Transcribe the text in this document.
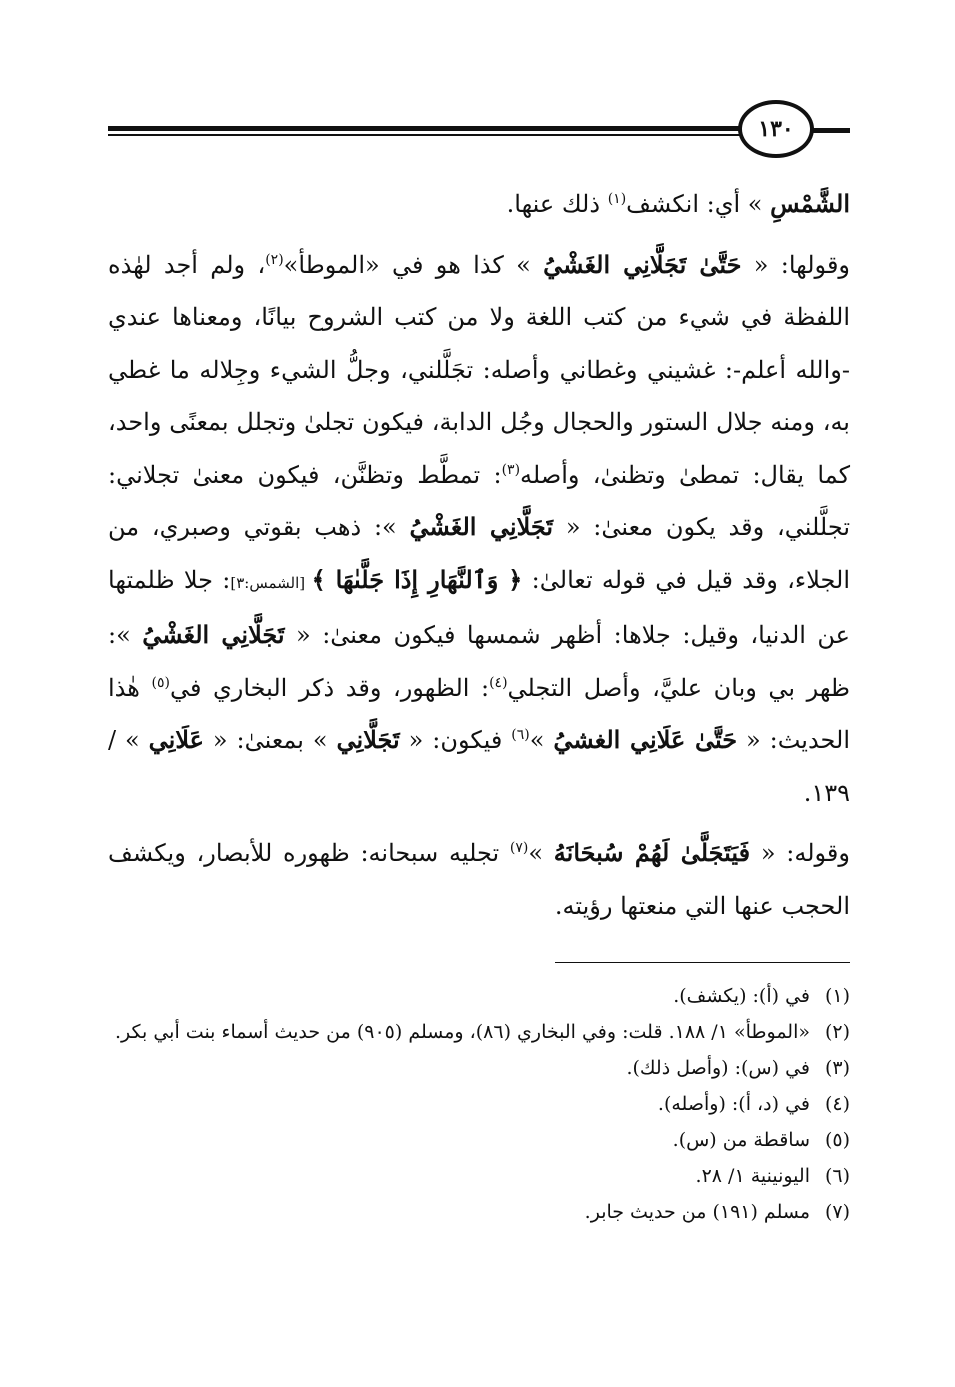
١٣٠

الشَّمْسِ » أي: انكشف$^{(١)}$ ذلك عنها.

وقولها: « حَتَّىٰ تَجَلَّانِي الغَشْيُ » كذا هو في «الموطأ»$^{(٢)}$، ولم أجد لهٰذه اللفظة في شيء من كتب اللغة ولا من كتب الشروح بيانًا، ومعناها عندي -والله أعلم-: غشيني وغطاني وأصله: تجَلَّلني، وجلُّ الشيء وجِلاله ما غطي به، ومنه جلال الستور والحجال وجُل الدابة، فيكون تجلىٰ وتجلل بمعنًى واحد، كما يقال: تمطىٰ وتظنىٰ، وأصله$^{(٣)}$: تمطَّط وتظنَّن، فيكون معنىٰ تجلاني: تجلَّلني، وقد يكون معنىٰ: « تَجَلَّانِي الغَشْيُ »: ذهب بقوتي وصبري، من الجلاء، وقد قيل في قوله تعالىٰ: ﴿ وَٱلنَّهَارِ إِذَا جَلَّىٰهَا ﴾ [الشمس:٣]: جلا ظلمتها عن الدنيا، وقيل: جلاها: أظهر شمسها فيكون معنىٰ: « تَجَلَّانِي الغَشْيُ »: ظهر بي وبان عليَّ، وأصل التجلي$^{(٤)}$: الظهور، وقد ذكر البخاري في$^{(٥)}$ هٰذا الحديث: « حَتَّىٰ عَلَانِي الغشيُ »$^{(٦)}$ فيكون: « تَجَلَّانِي » بمعنىٰ: « عَلَانِي » / ١٣٩.

وقوله: « فَيَتَجَلَّىٰ لَهُمْ سُبحَانَهُ »$^{(٧)}$ تجليه سبحانه: ظهوره للأبصار، ويكشف الحجب عنها التي منعتها رؤيته.

(١)
في (أ): (يكشف).
(٢)
«الموطأ» ١/ ١٨٨. قلت: وفي البخاري (٨٦)، ومسلم (٩٠٥) من حديث أسماء بنت أبي بكر.
(٣)
في (س): (وأصل ذلك).
(٤)
في (د، أ): (وأصله).
(٥)
ساقطة من (س).
(٦)
اليونينية ١/ ٢٨.
(٧)
مسلم (١٩١) من حديث جابر.
